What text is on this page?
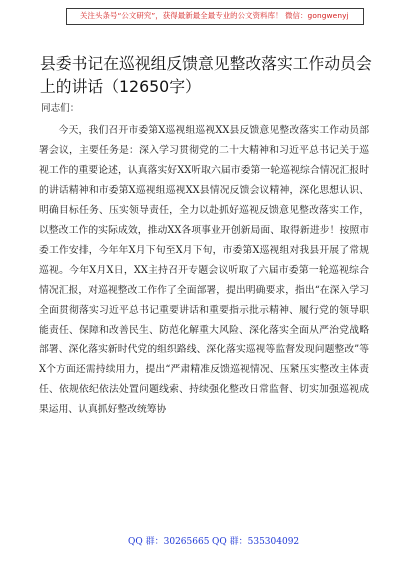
关注头条号“公文研究”，获得最新最全最专业的公文资料库！ 微信：gongwenyj
县委书记在巡视组反馈意见整改落实工作动员会上的讲话（12650字）
同志们：

今天，我们召开市委第X巡视组巡视XX县反馈意见整改落实工作动员部署会议，主要任务是：深入学习贯彻党的二十大精神和习近平总书记关于巡视工作的重要论述，认真落实好XX听取六届市委第一轮巡视综合情况汇报时的讲话精神和市委第X巡视组巡视XX县情况反馈会议精神，深化思想认识、明确目标任务、压实领导责任，全力以赴抓好巡视反馈意见整改落实工作，以整改工作的实际成效，推动XX各项事业开创新局面、取得新进步！按照市委工作安排，今年年X月下旬至X月下旬，市委第X巡视组对我县开展了常规巡视。今年X月X日，XX主持召开专题会议听取了六届市委第一轮巡视综合情况汇报，对巡视整改工作作了全面部署，提出明确要求，指出“在深入学习全面贯彻落实习近平总书记重要讲话和重要指示批示精神、履行党的领导职能责任、保障和改善民生、防范化解重大风险、深化落实全面从严治党战略部署、深化落实新时代党的组织路线、深化落实巡视等监督发现问题整改”等X个方面还需持续用力，提出“严肃精准反馈巡视情况、压紧压实整改主体责任、依规依纪依法处置问题线索、持续强化整改日常监督、切实加强巡视成果运用、认真抓好整改统筹协

QQ 群：30265665 QQ 群：535304092
